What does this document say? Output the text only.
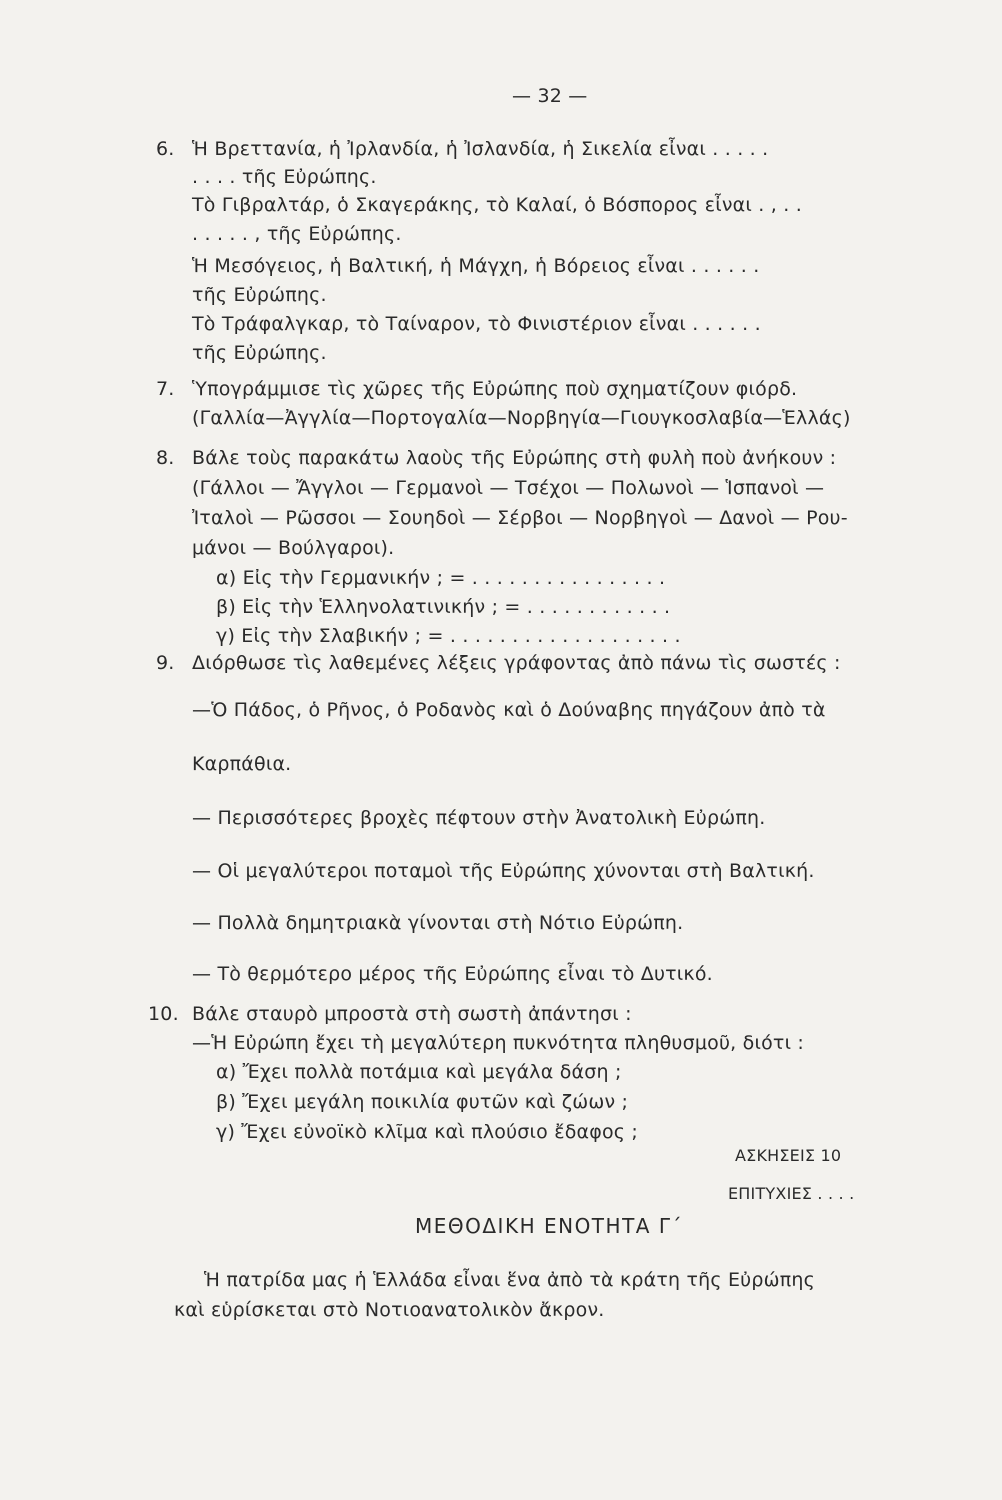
— 32 —
6. Ἡ Βρεττανία, ἡ Ἰρλανδία, ἡ Ἰσλανδία, ἡ Σικελία εἶναι . . . . .
. . . . τῆς Εὐρώπης.
Τὸ Γιβραλτάρ, ὁ Σκαγεράκης, τὸ Καλαί, ὁ Βόσπορος εἶναι . , . .
. . . . . , τῆς Εὐρώπης.
Ἡ Μεσόγειος, ἡ Βαλτική, ἡ Μάγχη, ἡ Βόρειος εἶναι . . . . . .
τῆς Εὐρώπης.
Τὸ Τράφαλγκαρ, τὸ Ταίναρον, τὸ Φινιστέριον εἶναι . . . . . .
τῆς Εὐρώπης.
7. Ὑπογράμμισε τὶς χῶρες τῆς Εὐρώπης ποὺ σχηματίζουν φιόρδ.
(Γαλλία—Ἀγγλία—Πορτογαλία—Νορβηγία—Γιουγκοσλαβία—Ἑλλάς)
8. Βάλε τοὺς παρακάτω λαοὺς τῆς Εὐρώπης στὴ φυλὴ ποὺ ἀνήκουν :
(Γάλλοι — Ἄγγλοι — Γερμανοὶ — Τσέχοι — Πολωνοὶ — Ἱσπανοὶ —
Ἰταλοὶ — Ρῶσσοι — Σουηδοὶ — Σέρβοι — Νορβηγοὶ — Δανοὶ — Ρου-
μάνοι — Βούλγαροι).
α) Εἰς τὴν Γερμανικήν ; = . . . . . . . . . . . . . . . .
β) Εἰς τὴν Ἑλληνολατινικήν ; = . . . . . . . . . . . .
γ) Εἰς τὴν Σλαβικήν ; = . . . . . . . . . . . . . . . . . . .
9. Διόρθωσε τὶς λαθεμένες λέξεις γράφοντας ἀπὸ πάνω τὶς σωστές :
—Ὁ Πάδος, ὁ Ρῆνος, ὁ Ροδανὸς καὶ ὁ Δούναβης πηγάζουν ἀπὸ τὰ
Καρπάθια.
— Περισσότερες βροχὲς πέφτουν στὴν Ἀνατολικὴ Εὐρώπη.
— Οἱ μεγαλύτεροι ποταμοὶ τῆς Εὐρώπης χύνονται στὴ Βαλτική.
— Πολλὰ δημητριακὰ γίνονται στὴ Νότιο Εὐρώπη.
— Τὸ θερμότερο μέρος τῆς Εὐρώπης εἶναι τὸ Δυτικό.
10. Βάλε σταυρὸ μπροστὰ στὴ σωστὴ ἀπάντησι :
—Ἡ Εὐρώπη ἔχει τὴ μεγαλύτερη πυκνότητα πληθυσμοῦ, διότι :
α) Ἔχει πολλὰ ποτάμια καὶ μεγάλα δάση ;
β) Ἔχει μεγάλη ποικιλία φυτῶν καὶ ζώων ;
γ) Ἔχει εὐνοϊκὸ κλῖμα καὶ πλούσιο ἔδαφος ;
ΑΣΚΗΣΕΙΣ 10
ΕΠΙΤΥΧΙΕΣ . . . .
ΜΕΘΟΔΙΚΗ ΕΝΟΤΗΤΑ Γ΄
Ἡ πατρίδα μας ἡ Ἑλλάδα εἶναι ἕνα ἀπὸ τὰ κράτη τῆς Εὐρώπης
καὶ εὑρίσκεται στὸ Νοτιοανατολικὸν ἄκρον.
